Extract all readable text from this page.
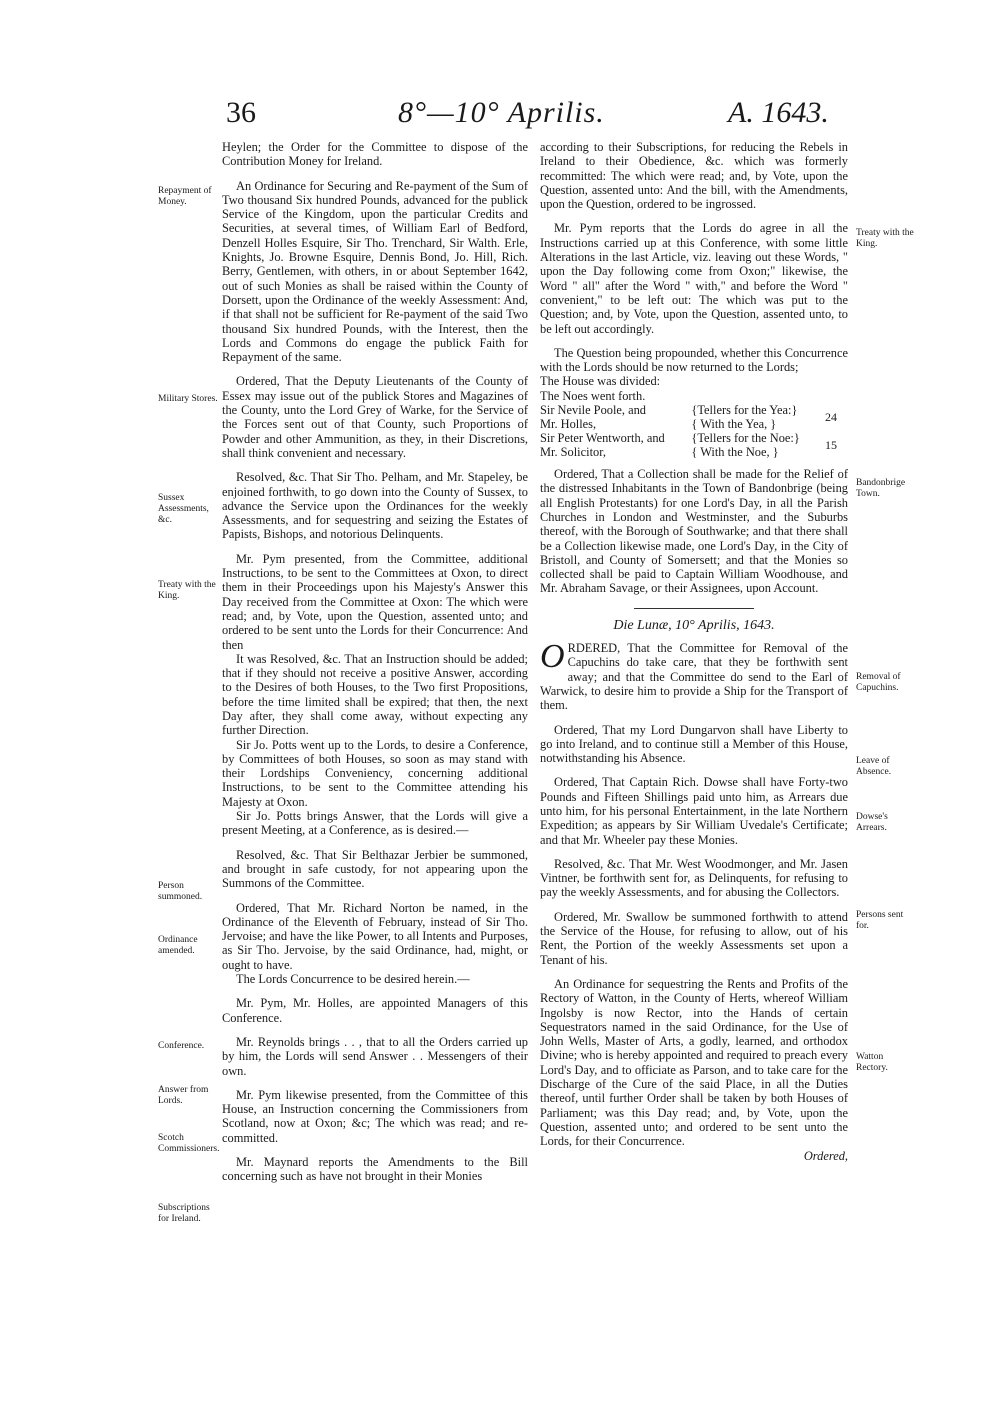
36	8°—10° Aprilis.	A. 1643.
Repayment of Money.
Military Stores.
Sussex Assessments, &c.
Treaty with the King.
Person summoned.
Ordinance amended.
Conference.
Answer from Lords.
Scotch Commissioners.
Subscriptions for Ireland.
Treaty with the King.
Bandonbrige Town.
Removal of Capuchins.
Leave of Absence.
Dowse's Arrears.
Persons sent for.
Watton Rectory.

Heylen; the Order for the Committee to dispose of the Contribution Money for Ireland.

An Ordinance for Securing and Re-payment of the Sum of Two thousand Six hundred Pounds, advanced for the publick Service of the Kingdom, upon the particular Credits and Securities, at several times, of William Earl of Bedford, Denzell Holles Esquire, Sir Tho. Trenchard, Sir Walth. Erle, Knights, Jo. Browne Esquire, Dennis Bond, Jo. Hill, Rich. Berry, Gentlemen, with others, in or about September 1642, out of such Monies as shall be raised within the County of Dorsett, upon the Ordinance of the weekly Assessment: And, if that shall not be sufficient for Re-payment of the said Two thousand Six hundred Pounds, with the Interest, then the Lords and Commons do engage the publick Faith for Repayment of the same.

Ordered, That the Deputy Lieutenants of the County of Essex may issue out of the publick Stores and Magazines of the County, unto the Lord Grey of Warke, for the Service of the Forces sent out of that County, such Proportions of Powder and other Ammunition, as they, in their Discretions, shall think convenient and necessary.

Resolved, &c. That Sir Tho. Pelham, and Mr. Stapeley, be enjoined forthwith, to go down into the County of Sussex, to advance the Service upon the Ordinances for the weekly Assessments, and for sequestring and seizing the Estates of Papists, Bishops, and notorious Delinquents.

Mr. Pym presented, from the Committee, additional Instructions, to be sent to the Committees at Oxon, to direct them in their Proceedings upon his Majesty's Answer this Day received from the Committee at Oxon: The which were read; and, by Vote, upon the Question, assented unto; and ordered to be sent unto the Lords for their Concurrence: And then

It was Resolved, &c. That an Instruction should be added; that if they should not receive a positive Answer, according to the Desires of both Houses, to the Two first Propositions, before the time limited shall be expired; that then, the next Day after, they shall come away, without expecting any further Direction.

Sir Jo. Potts went up to the Lords, to desire a Conference, by Committees of both Houses, so soon as may stand with their Lordships Conveniency, concerning additional Instructions, to be sent to the Committee attending his Majesty at Oxon.

Sir Jo. Potts brings Answer, that the Lords will give a present Meeting, at a Conference, as is desired.—

Resolved, &c. That Sir Belthazar Jerbier be summoned, and brought in safe custody, for not appearing upon the Summons of the Committee.

Ordered, That Mr. Richard Norton be named, in the Ordinance of the Eleventh of February, instead of Sir Tho. Jervoise; and have the like Power, to all Intents and Purposes, as Sir Tho. Jervoise, by the said Ordinance, had, might, or ought to have.

The Lords Concurrence to be desired herein.—

Mr. Pym, Mr. Holles, are appointed Managers of this Conference.

Mr. Reynolds brings . . , that to all the Orders carried up by him, the Lords will send Answer . . Messengers of their own.

Mr. Pym likewise presented, from the Committee of this House, an Instruction concerning the Commissioners from Scotland, now at Oxon; &c; The which was read; and re-committed.

Mr. Maynard reports the Amendments to the Bill concerning such as have not brought in their Monies

according to their Subscriptions, for reducing the Rebels in Ireland to their Obedience, &c. which was formerly recommitted: The which were read; and, by Vote, upon the Question, assented unto: And the bill, with the Amendments, upon the Question, ordered to be ingrossed.

Mr. Pym reports that the Lords do agree in all the Instructions carried up at this Conference, with some little Alterations in the last Article, viz. leaving out these Words, " upon the Day following come from Oxon;" likewise, the Word " all" after the Word " with," and before the Word " convenient," to be left out: The which was put to the Question; and, by Vote, upon the Question, assented unto, to be left out accordingly.

The Question being propounded, whether this Concurrence with the Lords should be now returned to the Lords;

The House was divided:
The Noes went forth.
Sir Nevile Poole, and	{Tellers for the Yea:}	24
Mr. Holles,	{ With the Yea, }	
Sir Peter Wentworth, and	{Tellers for the Noe:}	15
Mr. Solicitor,	{ With the Noe, }	

Ordered, That a Collection shall be made for the Relief of the distressed Inhabitants in the Town of Bandonbrige (being all English Protestants) for one Lord's Day, in all the Parish Churches in London and Westminster, and the Suburbs thereof, with the Borough of Southwarke; and that there shall be a Collection likewise made, one Lord's Day, in the City of Bristoll, and County of Somersett; and that the Monies so collected shall be paid to Captain William Woodhouse, and Mr. Abraham Savage, or their Assignees, upon Account.

Die Lunæ, 10° Aprilis, 1643.

ORDERED, That the Committee for Removal of the Capuchins do take care, that they be forthwith sent away; and that the Committee do send to the Earl of Warwick, to desire him to provide a Ship for the Transport of them.

Ordered, That my Lord Dungarvon shall have Liberty to go into Ireland, and to continue still a Member of this House, notwithstanding his Absence.

Ordered, That Captain Rich. Dowse shall have Forty-two Pounds and Fifteen Shillings paid unto him, as Arrears due unto him, for his personal Entertainment, in the late Northern Expedition; as appears by Sir William Uvedale's Certificate; and that Mr. Wheeler pay these Monies.

Resolved, &c. That Mr. West Woodmonger, and Mr. Jasen Vintner, be forthwith sent for, as Delinquents, for refusing to pay the weekly Assessments, and for abusing the Collectors.

Ordered, Mr. Swallow be summoned forthwith to attend the Service of the House, for refusing to allow, out of his Rent, the Portion of the weekly Assessments set upon a Tenant of his.

An Ordinance for sequestring the Rents and Profits of the Rectory of Watton, in the County of Herts, whereof William Ingolsby is now Rector, into the Hands of certain Sequestrators named in the said Ordinance, for the Use of John Wells, Master of Arts, a godly, learned, and orthodox Divine; who is hereby appointed and required to preach every Lord's Day, and to officiate as Parson, and to take care for the Discharge of the Cure of the said Place, in all the Duties thereof, until further Order shall be taken by both Houses of Parliament; was this Day read; and, by Vote, upon the Question, assented unto; and ordered to be sent unto the Lords, for their Concurrence.

Ordered,
